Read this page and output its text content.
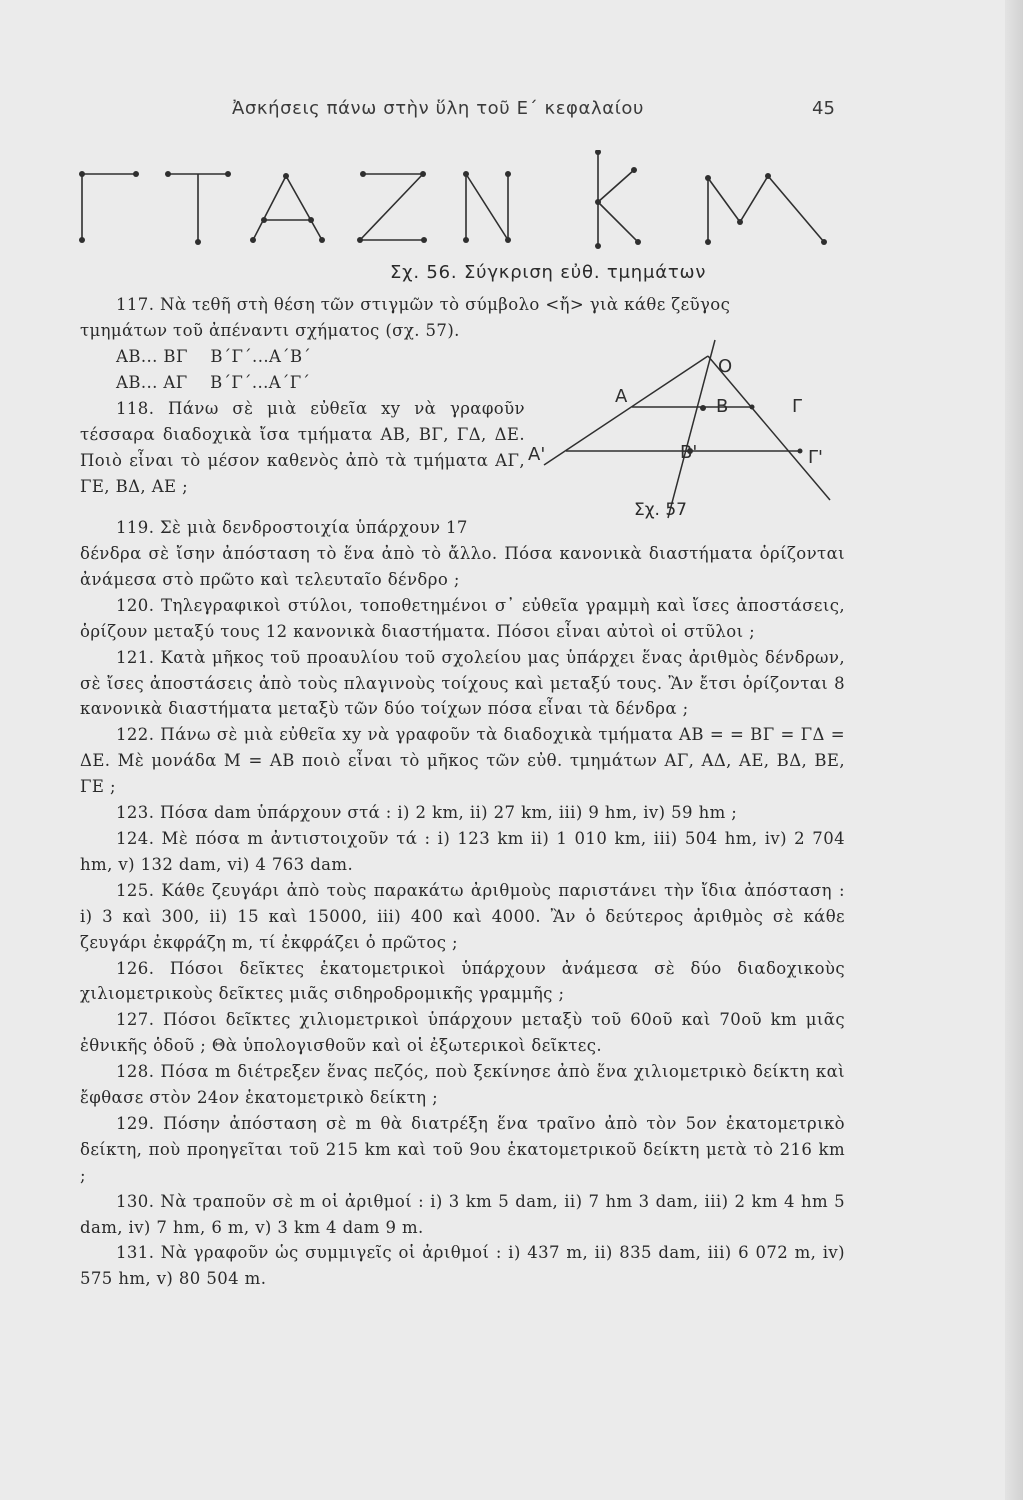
Ἀσκήσεις πάνω στὴν ὕλη τοῦ Ε΄ κεφαλαίου	45
Σχ. 56. Σύγκριση εὐθ. τμημάτων
O
A	B	Γ
A'	B'	Γ'
Σχ. 57

117. Νὰ τεθῆ στὴ θέση τῶν στιγμῶν τὸ σύμβολο <ἤ> γιὰ κάθε ζεῦγος

τμημάτων τοῦ ἀπέναντι σχήματος (σχ. 57).

ΑΒ... ΒΓ    Β΄Γ΄...Α΄Β΄

ΑΒ... ΑΓ    Β΄Γ΄...Α΄Γ΄

118. Πάνω σὲ μιὰ εὐθεῖα xy νὰ γραφοῦν τέσσαρα διαδοχικὰ ἴσα τμήματα ΑΒ, ΒΓ, ΓΔ, ΔΕ. Ποιὸ εἶναι τὸ μέσον καθενὸς ἀπὸ τὰ τμήματα ΑΓ, ΓΕ, ΒΔ, ΑΕ ;

119. Σὲ μιὰ δενδροστοιχία ὑπάρχουν 17

δένδρα σὲ ἴσην ἀπόσταση τὸ ἕνα ἀπὸ τὸ ἄλλο. Πόσα κανονικὰ διαστήματα ὁρίζονται ἀνάμεσα στὸ πρῶτο καὶ τελευταῖο δένδρο ;

120. Τηλεγραφικοὶ στύλοι, τοποθετημένοι σ᾿ εὐθεῖα γραμμὴ καὶ ἴσες ἀποστάσεις, ὁρίζουν μεταξύ τους 12 κανονικὰ διαστήματα. Πόσοι εἶναι αὐτοὶ οἱ στῦλοι ;

121. Κατὰ μῆκος τοῦ προαυλίου τοῦ σχολείου μας ὑπάρχει ἕνας ἀριθμὸς δένδρων, σὲ ἴσες ἀποστάσεις ἀπὸ τοὺς πλαγινοὺς τοίχους καὶ μεταξύ τους. Ἂν ἔτσι ὁρίζονται 8 κανονικὰ διαστήματα μεταξὺ τῶν δύο τοίχων πόσα εἶναι τὰ δένδρα ;

122. Πάνω σὲ μιὰ εὐθεῖα xy νὰ γραφοῦν τὰ διαδοχικὰ τμήματα ΑΒ = = ΒΓ = ΓΔ = ΔΕ. Μὲ μονάδα Μ = ΑΒ ποιὸ εἶναι τὸ μῆκος τῶν εὐθ. τμημάτων ΑΓ, ΑΔ, ΑΕ, ΒΔ, ΒΕ, ΓΕ ;

123. Πόσα dam ὑπάρχουν στά : i) 2 km, ii) 27 km, iii) 9 hm, iv) 59 hm ;

124. Μὲ πόσα m ἀντιστοιχοῦν τά : i) 123 km ii) 1 010 km, iii) 504 hm, iv) 2 704 hm, v) 132 dam, vi) 4 763 dam.

125. Κάθε ζευγάρι ἀπὸ τοὺς παρακάτω ἀριθμοὺς παριστάνει τὴν ἴδια ἀπόσταση : i) 3 καὶ 300, ii) 15 καὶ 15000, iii) 400 καὶ 4000. Ἂν ὁ δεύτερος ἀριθμὸς σὲ κάθε ζευγάρι ἐκφράζη m, τί ἐκφράζει ὁ πρῶτος ;

126. Πόσοι δεῖκτες ἑκατομετρικοὶ ὑπάρχουν ἀνάμεσα σὲ δύο διαδοχικοὺς χιλιομετρικοὺς δεῖκτες μιᾶς σιδηροδρομικῆς γραμμῆς ;

127. Πόσοι δεῖκτες χιλιομετρικοὶ ὑπάρχουν μεταξὺ τοῦ 60οῦ καὶ 70οῦ km μιᾶς ἐθνικῆς ὁδοῦ ; Θὰ ὑπολογισθοῦν καὶ οἱ ἐξωτερικοὶ δεῖκτες.

128. Πόσα m διέτρεξεν ἕνας πεζός, ποὺ ξεκίνησε ἀπὸ ἕνα χιλιομετρικὸ δείκτη καὶ ἔφθασε στὸν 24ον ἑκατομετρικὸ δείκτη ;

129. Πόσην ἀπόσταση σὲ m θὰ διατρέξη ἕνα τραῖνο ἀπὸ τὸν 5ον ἑκατομετρικὸ δείκτη, ποὺ προηγεῖται τοῦ 215 km καὶ τοῦ 9ου ἑκατομετρικοῦ δείκτη μετὰ τὸ 216 km ;

130. Νὰ τραποῦν σὲ m οἱ ἀριθμοί : i) 3 km 5 dam, ii) 7 hm 3 dam, iii) 2 km 4 hm 5 dam, iv) 7 hm, 6 m, v) 3 km 4 dam 9 m.

131. Νὰ γραφοῦν ὡς συμμιγεῖς οἱ ἀριθμοί : i) 437 m, ii) 835 dam, iii) 6 072 m, iv) 575 hm, v) 80 504 m.
